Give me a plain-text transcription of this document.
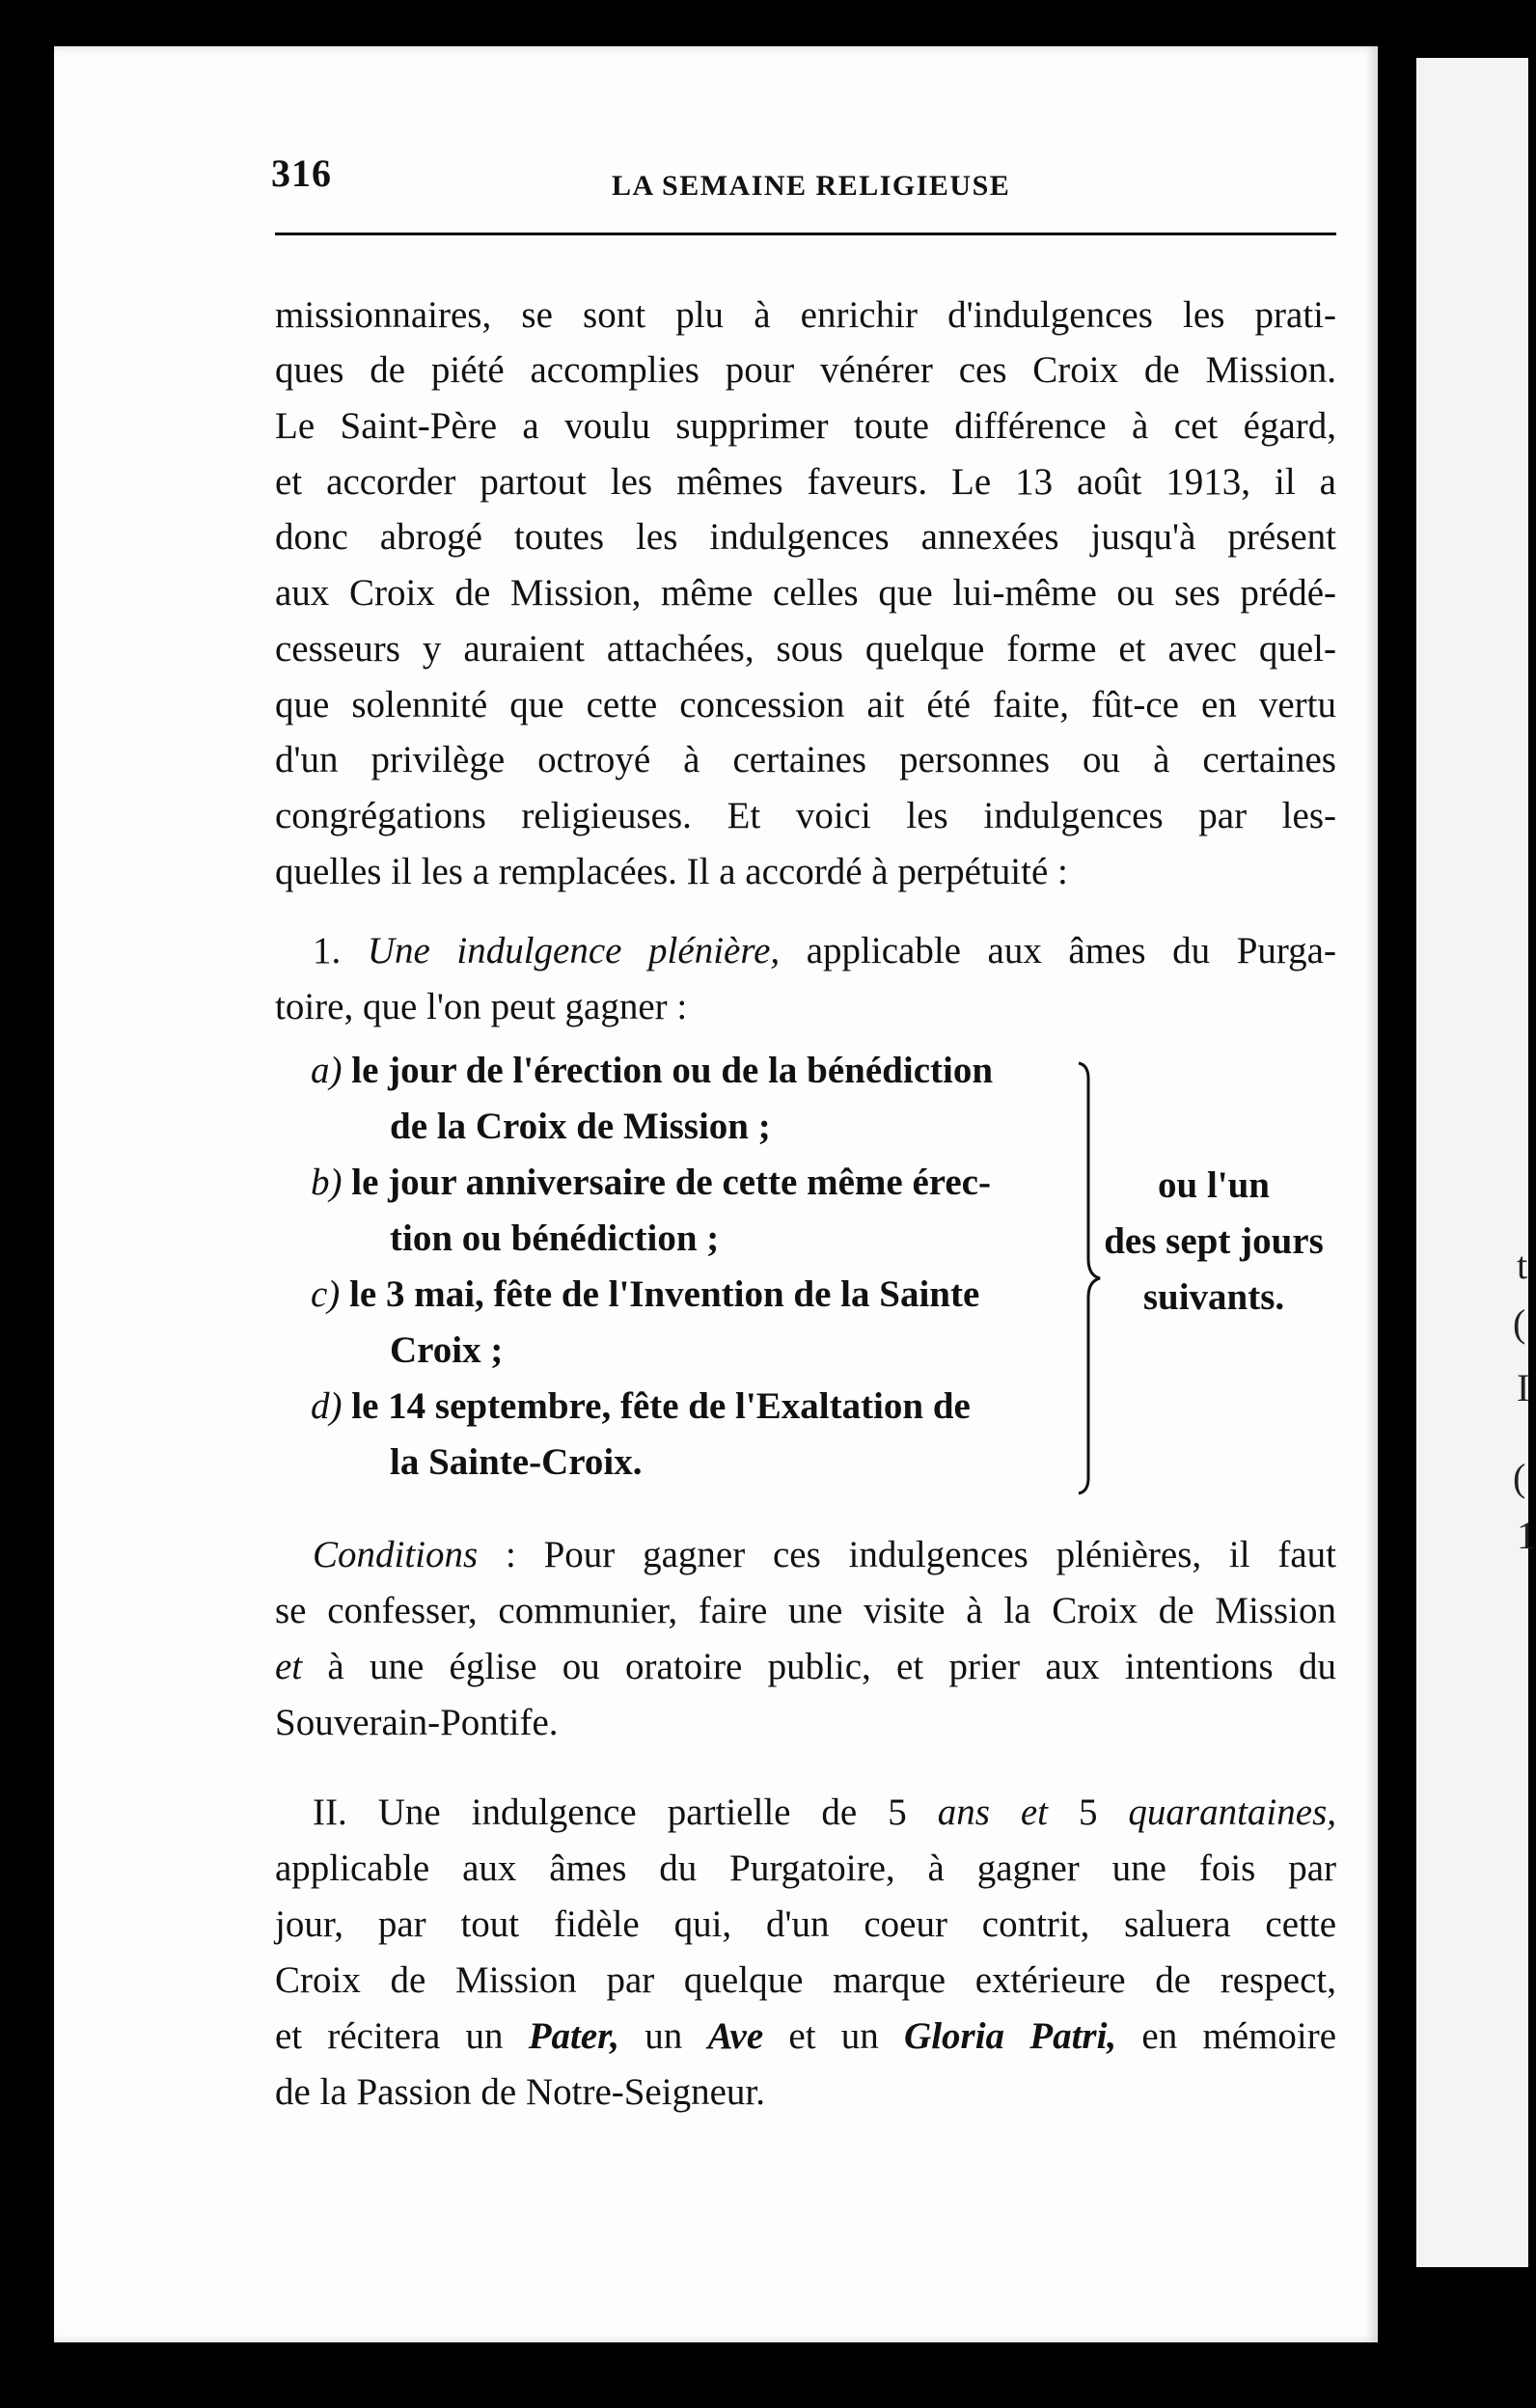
t
(
I
(
1
316	LA SEMAINE RELIGIEUSE
missionnaires, se sont plu à enrichir d'indulgences les prati-
ques de piété accomplies pour vénérer ces Croix de Mission.
Le Saint-Père a voulu supprimer toute différence à cet égard,
et accorder partout les mêmes faveurs. Le 13 août 1913, il a
donc abrogé toutes les indulgences annexées jusqu'à présent
aux Croix de Mission, même celles que lui-même ou ses prédé-
cesseurs y auraient attachées, sous quelque forme et avec quel-
que solennité que cette concession ait été faite, fût-ce en vertu
d'un privilège octroyé à certaines personnes ou à certaines
congrégations religieuses. Et voici les indulgences par les-
quelles il les a remplacées. Il a accordé à perpétuité :
1. Une indulgence plénière, applicable aux âmes du Purga-
toire, que l'on peut gagner :
a) le jour de l'érection ou de la bénédiction
de la Croix de Mission ;
b) le jour anniversaire de cette même érec-
tion ou bénédiction ;
c) le 3 mai, fête de l'Invention de la Sainte
Croix ;
d) le 14 septembre, fête de l'Exaltation de
la Sainte-Croix.
ou l'un
des sept jours
suivants.
Conditions : Pour gagner ces indulgences plénières, il faut
se confesser, communier, faire une visite à la Croix de Mission
et à une église ou oratoire public, et prier aux intentions du
Souverain-Pontife.
II. Une indulgence partielle de 5 ans et 5 quarantaines,
applicable aux âmes du Purgatoire, à gagner une fois par
jour, par tout fidèle qui, d'un coeur contrit, saluera cette
Croix de Mission par quelque marque extérieure de respect,
et récitera un Pater, un Ave et un Gloria Patri, en mémoire
de la Passion de Notre-Seigneur.
